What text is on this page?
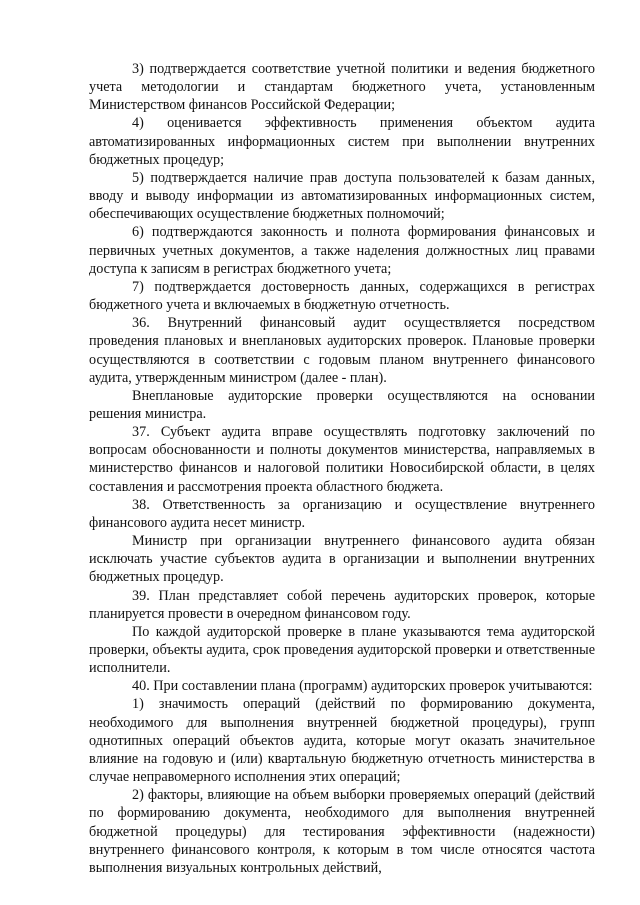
3) подтверждается соответствие учетной политики и ведения бюджетного учета методологии и стандартам бюджетного учета, установленным Министерством финансов Российской Федерации;

4) оценивается эффективность применения объектом аудита автоматизированных информационных систем при выполнении внутренних бюджетных процедур;

5) подтверждается наличие прав доступа пользователей к базам данных, вводу и выводу информации из автоматизированных информационных систем, обеспечивающих осуществление бюджетных полномочий;

6) подтверждаются законность и полнота формирования финансовых и первичных учетных документов, а также наделения должностных лиц правами доступа к записям в регистрах бюджетного учета;

7) подтверждается достоверность данных, содержащихся в регистрах бюджетного учета и включаемых в бюджетную отчетность.

36. Внутренний финансовый аудит осуществляется посредством проведения плановых и внеплановых аудиторских проверок. Плановые проверки осуществляются в соответствии с годовым планом внутреннего финансового аудита, утвержденным министром (далее - план).

Внеплановые аудиторские проверки осуществляются на основании решения министра.

37. Субъект аудита вправе осуществлять подготовку заключений по вопросам обоснованности и полноты документов министерства, направляемых в министерство финансов и налоговой политики Новосибирской области, в целях составления и рассмотрения проекта областного бюджета.

38. Ответственность за организацию и осуществление внутреннего финансового аудита несет министр.

Министр при организации внутреннего финансового аудита обязан исключать участие субъектов аудита в организации и выполнении внутренних бюджетных процедур.

39. План представляет собой перечень аудиторских проверок, которые планируется провести в очередном финансовом году.

По каждой аудиторской проверке в плане указываются тема аудиторской проверки, объекты аудита, срок проведения аудиторской проверки и ответственные исполнители.

40. При составлении плана (программ) аудиторских проверок учитываются:

1) значимость операций (действий по формированию документа, необходимого для выполнения внутренней бюджетной процедуры), групп однотипных операций объектов аудита, которые могут оказать значительное влияние на годовую и (или) квартальную бюджетную отчетность министерства в случае неправомерного исполнения этих операций;

2) факторы, влияющие на объем выборки проверяемых операций (действий по формированию документа, необходимого для выполнения внутренней бюджетной процедуры) для тестирования эффективности (надежности) внутреннего финансового контроля, к которым в том числе относятся частота выполнения визуальных контрольных действий,
